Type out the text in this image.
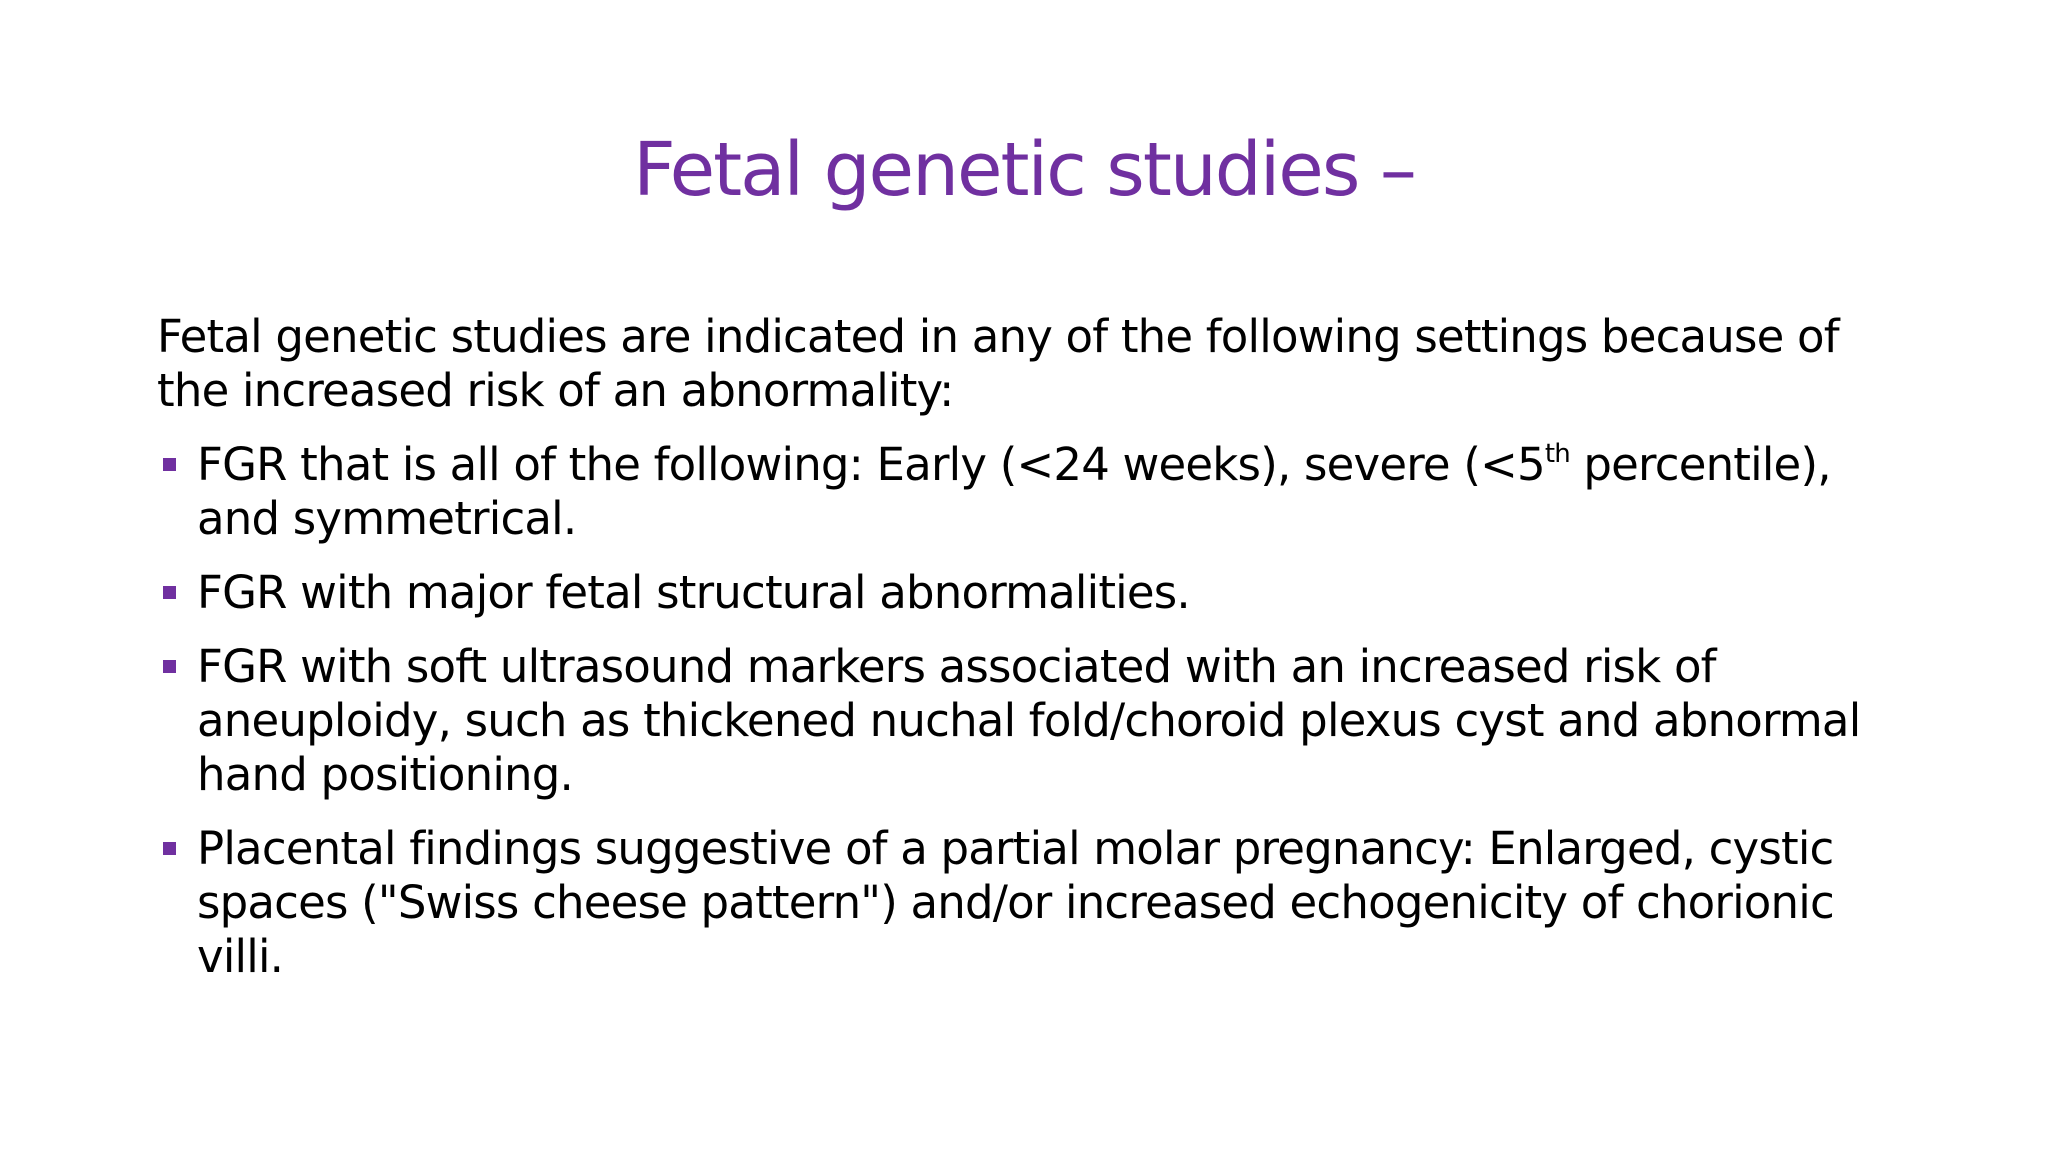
Fetal genetic studies –

Fetal genetic studies are indicated in any of the following settings because of the increased risk of an abnormality:

FGR that is all of the following: Early (<24 weeks), severe (<5th percentile), and symmetrical.
FGR with major fetal structural abnormalities.
FGR with soft ultrasound markers associated with an increased risk of aneuploidy, such as thickened nuchal fold/choroid plexus cyst and abnormal hand positioning.
Placental findings suggestive of a partial molar pregnancy: Enlarged, cystic spaces ("Swiss cheese pattern") and/or increased echogenicity of chorionic villi.
